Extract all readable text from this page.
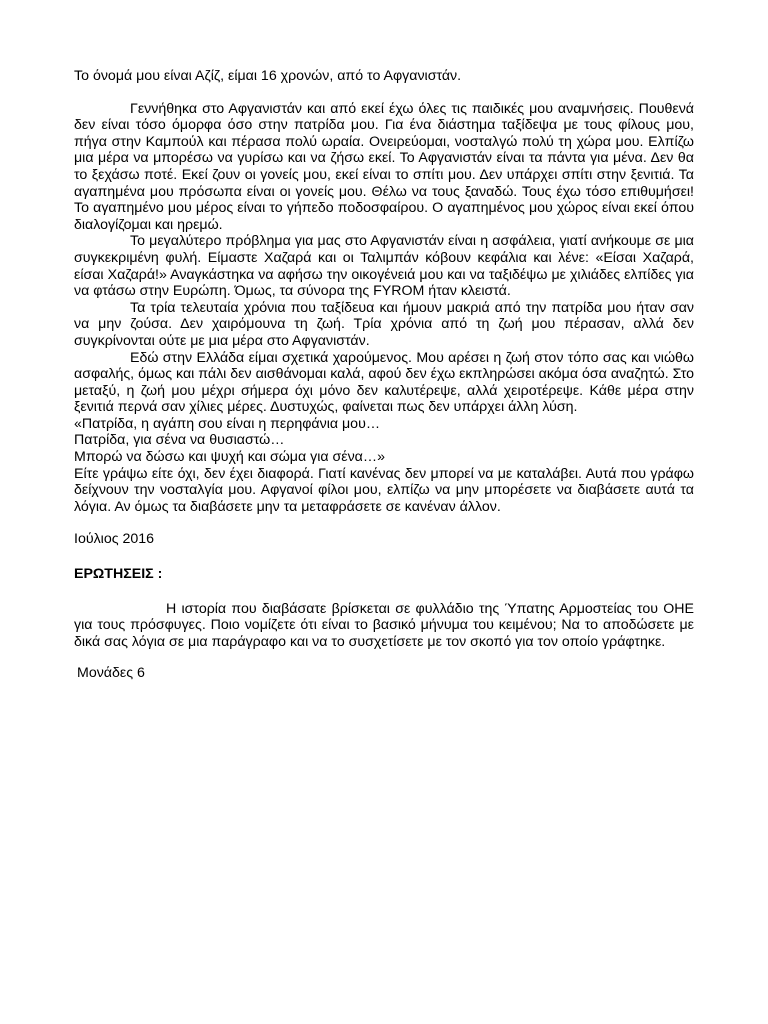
Το όνομά μου είναι Αζίζ, είμαι 16 χρονών, από το Αφγανιστάν.

Γεννήθηκα στο Αφγανιστάν και από εκεί έχω όλες τις παιδικές μου αναμνήσεις. Πουθενά δεν είναι τόσο όμορφα όσο στην πατρίδα μου. Για ένα διάστημα ταξίδεψα με τους φίλους μου, πήγα στην Καμπούλ και πέρασα πολύ ωραία. Ονειρεύομαι, νοσταλγώ πολύ τη χώρα μου. Ελπίζω μια μέρα να μπορέσω να γυρίσω και να ζήσω εκεί. Το Αφγανιστάν είναι τα πάντα για μένα. Δεν θα το ξεχάσω ποτέ. Εκεί ζουν οι γονείς μου, εκεί είναι το σπίτι μου. Δεν υπάρχει σπίτι στην ξενιτιά. Τα αγαπημένα μου πρόσωπα είναι οι γονείς μου. Θέλω να τους ξαναδώ. Τους έχω τόσο επιθυμήσει! Το αγαπημένο μου μέρος είναι το γήπεδο ποδοσφαίρου. Ο αγαπημένος μου χώρος είναι εκεί όπου διαλογίζομαι και ηρεμώ.

Το μεγαλύτερο πρόβλημα για μας στο Αφγανιστάν είναι η ασφάλεια, γιατί ανήκουμε σε μια συγκεκριμένη φυλή. Είμαστε Χαζαρά και οι Ταλιμπάν κόβουν κεφάλια και λένε: «Είσαι Χαζαρά, είσαι Χαζαρά!» Αναγκάστηκα να αφήσω την οικογένειά μου και να ταξιδέψω με χιλιάδες ελπίδες για να φτάσω στην Ευρώπη. Όμως, τα σύνορα της FYROM ήταν κλειστά.

Τα τρία τελευταία χρόνια που ταξίδευα και ήμουν μακριά από την πατρίδα μου ήταν σαν να μην ζούσα. Δεν χαιρόμουνα τη ζωή. Τρία χρόνια από τη ζωή μου πέρασαν, αλλά δεν συγκρίνονται ούτε με μια μέρα στο Αφγανιστάν.

Εδώ στην Ελλάδα είμαι σχετικά χαρούμενος. Μου αρέσει η ζωή στον τόπο σας και νιώθω ασφαλής, όμως και πάλι δεν αισθάνομαι καλά, αφού δεν έχω εκπληρώσει ακόμα όσα αναζητώ. Στο μεταξύ, η ζωή μου μέχρι σήμερα όχι μόνο δεν καλυτέρεψε, αλλά χειροτέρεψε. Κάθε μέρα στην ξενιτιά περνά σαν χίλιες μέρες. Δυστυχώς, φαίνεται πως δεν υπάρχει άλλη λύση.

«Πατρίδα, η αγάπη σου είναι η περηφάνια μου…
Πατρίδα, για σένα να θυσιαστώ…
Μπορώ να δώσω και ψυχή και σώμα για σένα…»

Είτε γράψω είτε όχι, δεν έχει διαφορά. Γιατί κανένας δεν μπορεί να με καταλάβει. Αυτά που γράφω δείχνουν την νοσταλγία μου. Αφγανοί φίλοι μου, ελπίζω να μην μπορέσετε να διαβάσετε αυτά τα λόγια. Αν όμως τα διαβάσετε μην τα μεταφράσετε σε κανέναν άλλον.

Ιούλιος 2016
ΕΡΩΤΗΣΕΙΣ :

Η ιστορία που διαβάσατε βρίσκεται σε φυλλάδιο της Ύπατης Αρμοστείας του ΟΗΕ για τους πρόσφυγες. Ποιο νομίζετε ότι είναι το βασικό μήνυμα του κειμένου; Να το αποδώσετε με δικά σας λόγια σε μια παράγραφο και να το συσχετίσετε με τον σκοπό για τον οποίο γράφτηκε.

Μονάδες 6
